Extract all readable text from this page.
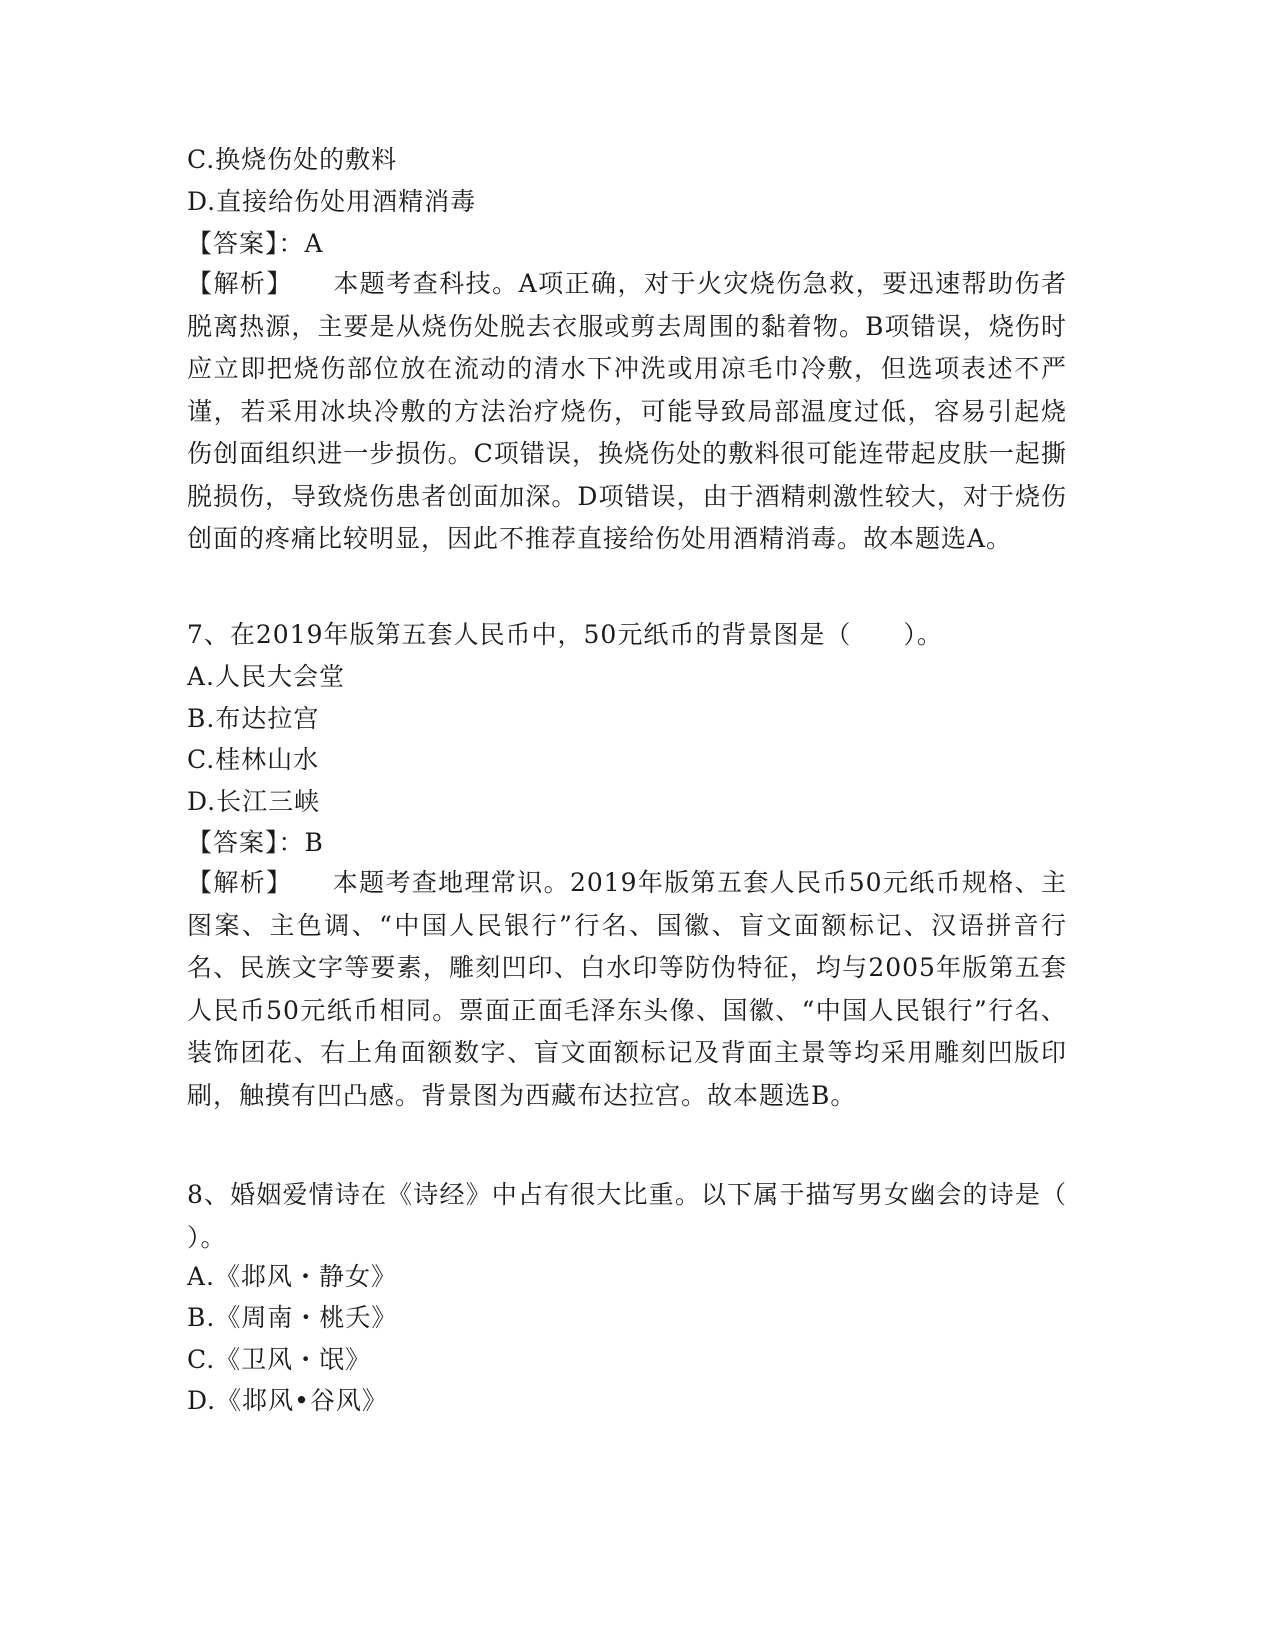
C.换烧伤处的敷料
D.直接给伤处用酒精消毒
【答案】：A
【解析】 本题考查科技。A项正确，对于火灾烧伤急救，要迅速帮助伤者脱离热源，主要是从烧伤处脱去衣服或剪去周围的黏着物。B项错误，烧伤时应立即把烧伤部位放在流动的清水下冲洗或用凉毛巾冷敷，但选项表述不严谨，若采用冰块冷敷的方法治疗烧伤，可能导致局部温度过低，容易引起烧伤创面组织进一步损伤。C项错误，换烧伤处的敷料很可能连带起皮肤一起撕脱损伤，导致烧伤患者创面加深。D项错误，由于酒精刺激性较大，对于烧伤创面的疼痛比较明显，因此不推荐直接给伤处用酒精消毒。故本题选A。
7、在2019年版第五套人民币中，50元纸币的背景图是（　　）。
A.人民大会堂
B.布达拉宫
C.桂林山水
D.长江三峡
【答案】：B
【解析】 本题考查地理常识。2019年版第五套人民币50元纸币规格、主图案、主色调、“中国人民银行”行名、国徽、盲文面额标记、汉语拼音行名、民族文字等要素，雕刻凹印、白水印等防伪特征，均与2005年版第五套人民币50元纸币相同。票面正面毛泽东头像、国徽、“中国人民银行”行名、装饰团花、右上角面额数字、盲文面额标记及背面主景等均采用雕刻凹版印刷，触摸有凹凸感。背景图为西藏布达拉宫。故本题选B。
8、婚姻爱情诗在《诗经》中占有很大比重。以下属于描写男女幽会的诗是（　　）。
A.《邶风・静女》
B.《周南・桃夭》
C.《卫风・氓》
D.《邶风•谷风》
